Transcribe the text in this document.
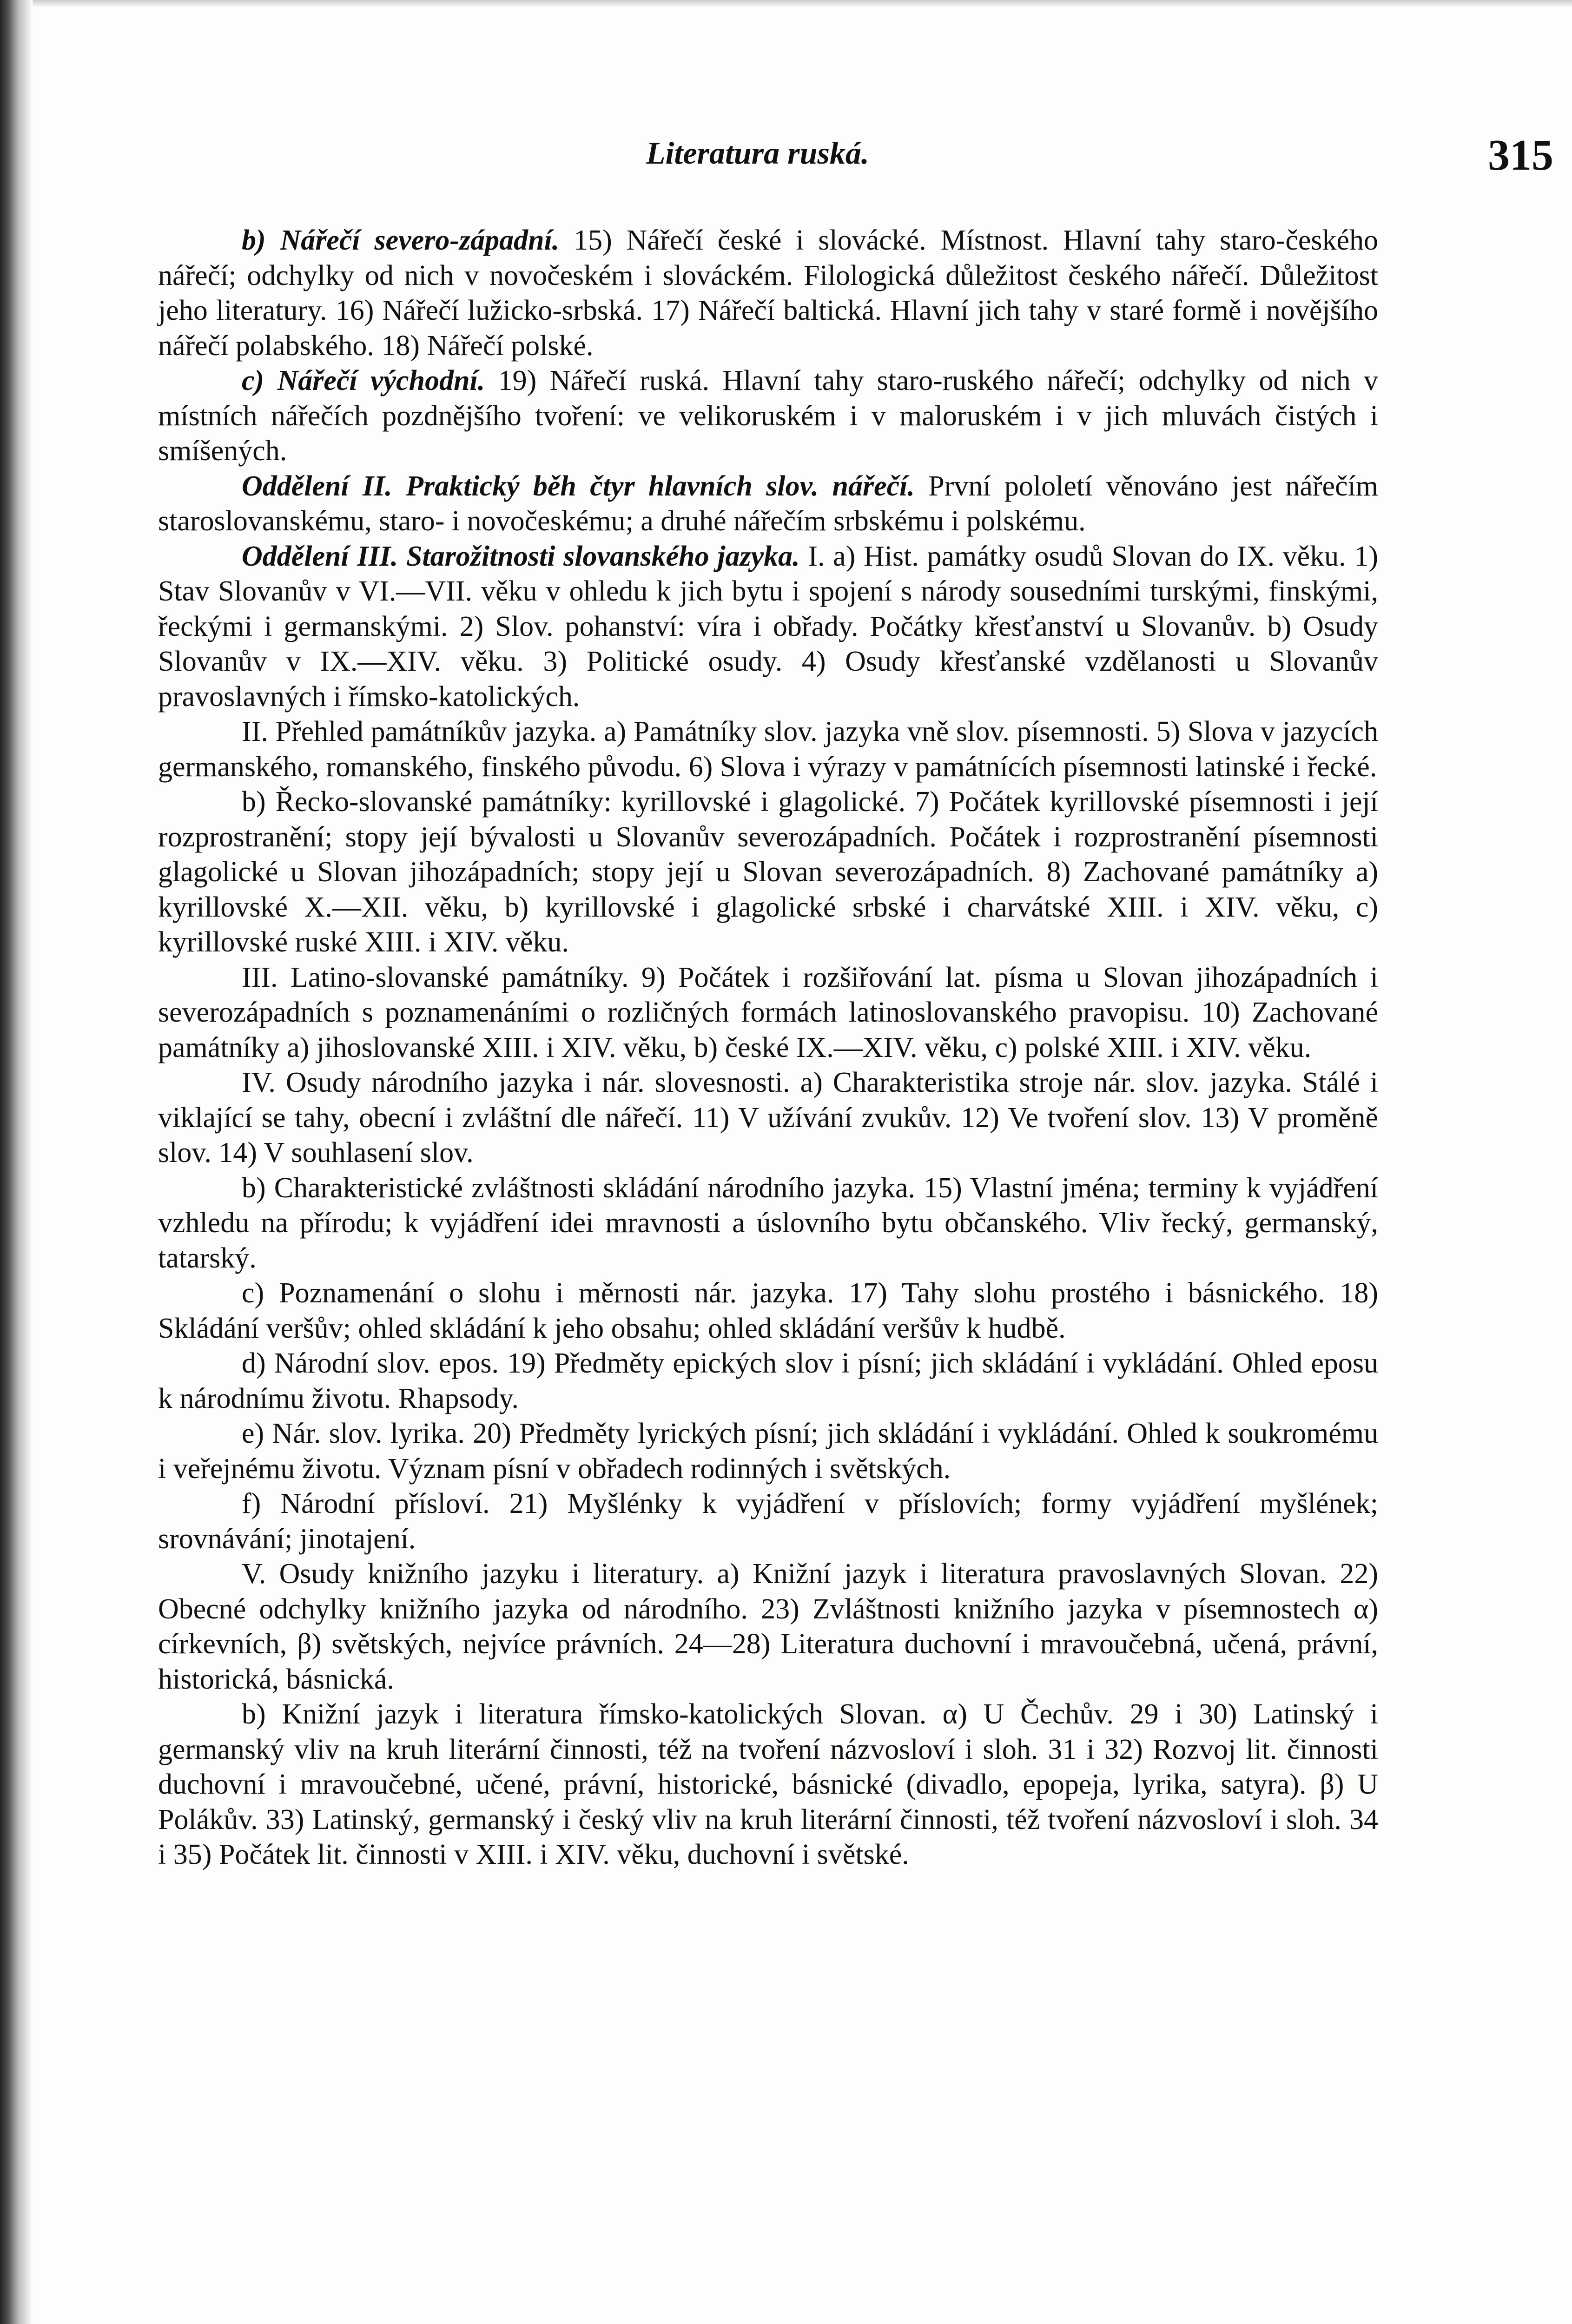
Literatura ruská.	315

b) Nářečí severo-západní. 15) Nářečí české i slovácké. Místnost. Hlavní tahy staro-českého nářečí; odchylky od nich v novočeském i slováckém. Filologická důležitost českého nářečí. Důležitost jeho literatury. 16) Nářečí lužicko-srbská. 17) Nářečí baltická. Hlavní jich tahy v staré formě i novějšího nářečí polabského. 18) Nářečí polské.

c) Nářečí východní. 19) Nářečí ruská. Hlavní tahy staro-ruského nářečí; odchylky od nich v místních nářečích pozdnějšího tvoření: ve velikoruském i v maloruském i v jich mluvách čistých i smíšených.

Oddělení II. Praktický běh čtyr hlavních slov. nářečí. První pololetí věnováno jest nářečím staroslovanskému, staro- i novočeskému; a druhé nářečím srbskému i polskému.

Oddělení III. Starožitnosti slovanského jazyka. I. a) Hist. památky osudů Slovan do IX. věku. 1) Stav Slovanův v VI.—VII. věku v ohledu k jich bytu i spojení s národy sousedními turskými, finskými, řeckými i germanskými. 2) Slov. pohanství: víra i obřady. Počátky křesťanství u Slovanův. b) Osudy Slovanův v IX.—XIV. věku. 3) Politické osudy. 4) Osudy křesťanské vzdělanosti u Slovanův pravoslavných i římsko-katolických.

II. Přehled památníkův jazyka. a) Památníky slov. jazyka vně slov. písemnosti. 5) Slova v jazycích germanského, romanského, finského původu. 6) Slova i výrazy v památnících písemnosti latinské i řecké.

b) Řecko-slovanské památníky: kyrillovské i glagolické. 7) Počátek kyrillovské písemnosti i její rozprostranění; stopy její bývalosti u Slovanův severozápadních. Počátek i rozprostranění písemnosti glagolické u Slovan jihozápadních; stopy její u Slovan severozápadních. 8) Zachované památníky a) kyrillovské X.—XII. věku, b) kyrillovské i glagolické srbské i charvátské XIII. i XIV. věku, c) kyrillovské ruské XIII. i XIV. věku.

III. Latino-slovanské památníky. 9) Počátek i rozšiřování lat. písma u Slovan jihozápadních i severozápadních s poznamenáními o rozličných formách latinoslovanského pravopisu. 10) Zachované památníky a) jihoslovanské XIII. i XIV. věku, b) české IX.—XIV. věku, c) polské XIII. i XIV. věku.

IV. Osudy národního jazyka i nár. slovesnosti. a) Charakteristika stroje nár. slov. jazyka. Stálé i viklající se tahy, obecní i zvláštní dle nářečí. 11) V užívání zvukův. 12) Ve tvoření slov. 13) V proměně slov. 14) V souhlasení slov.

b) Charakteristické zvláštnosti skládání národního jazyka. 15) Vlastní jména; terminy k vyjádření vzhledu na přírodu; k vyjádření idei mravnosti a úslovního bytu občanského. Vliv řecký, germanský, tatarský.

c) Poznamenání o slohu i měrnosti nár. jazyka. 17) Tahy slohu prostého i básnického. 18) Skládání veršův; ohled skládání k jeho obsahu; ohled skládání veršův k hudbě.

d) Národní slov. epos. 19) Předměty epických slov i písní; jich skládání i vykládání. Ohled eposu k národnímu životu. Rhapsody.

e) Nár. slov. lyrika. 20) Předměty lyrických písní; jich skládání i vykládání. Ohled k soukromému i veřejnému životu. Význam písní v obřadech rodinných i světských.

f) Národní přísloví. 21) Myšlénky k vyjádření v příslovích; formy vyjádření myšlének; srovnávání; jinotajení.

V. Osudy knižního jazyku i literatury. a) Knižní jazyk i literatura pravoslavných Slovan. 22) Obecné odchylky knižního jazyka od národního. 23) Zvláštnosti knižního jazyka v písemnostech α) církevních, β) světských, nejvíce právních. 24—28) Literatura duchovní i mravoučebná, učená, právní, historická, básnická.

b) Knižní jazyk i literatura římsko-katolických Slovan. α) U Čechův. 29 i 30) Latinský i germanský vliv na kruh literární činnosti, též na tvoření názvosloví i sloh. 31 i 32) Rozvoj lit. činnosti duchovní i mravoučebné, učené, právní, historické, básnické (divadlo, epopeja, lyrika, satyra). β) U Polákův. 33) Latinský, germanský i český vliv na kruh literární činnosti, též tvoření názvosloví i sloh. 34 i 35) Počátek lit. činnosti v XIII. i XIV. věku, duchovní i světské.
